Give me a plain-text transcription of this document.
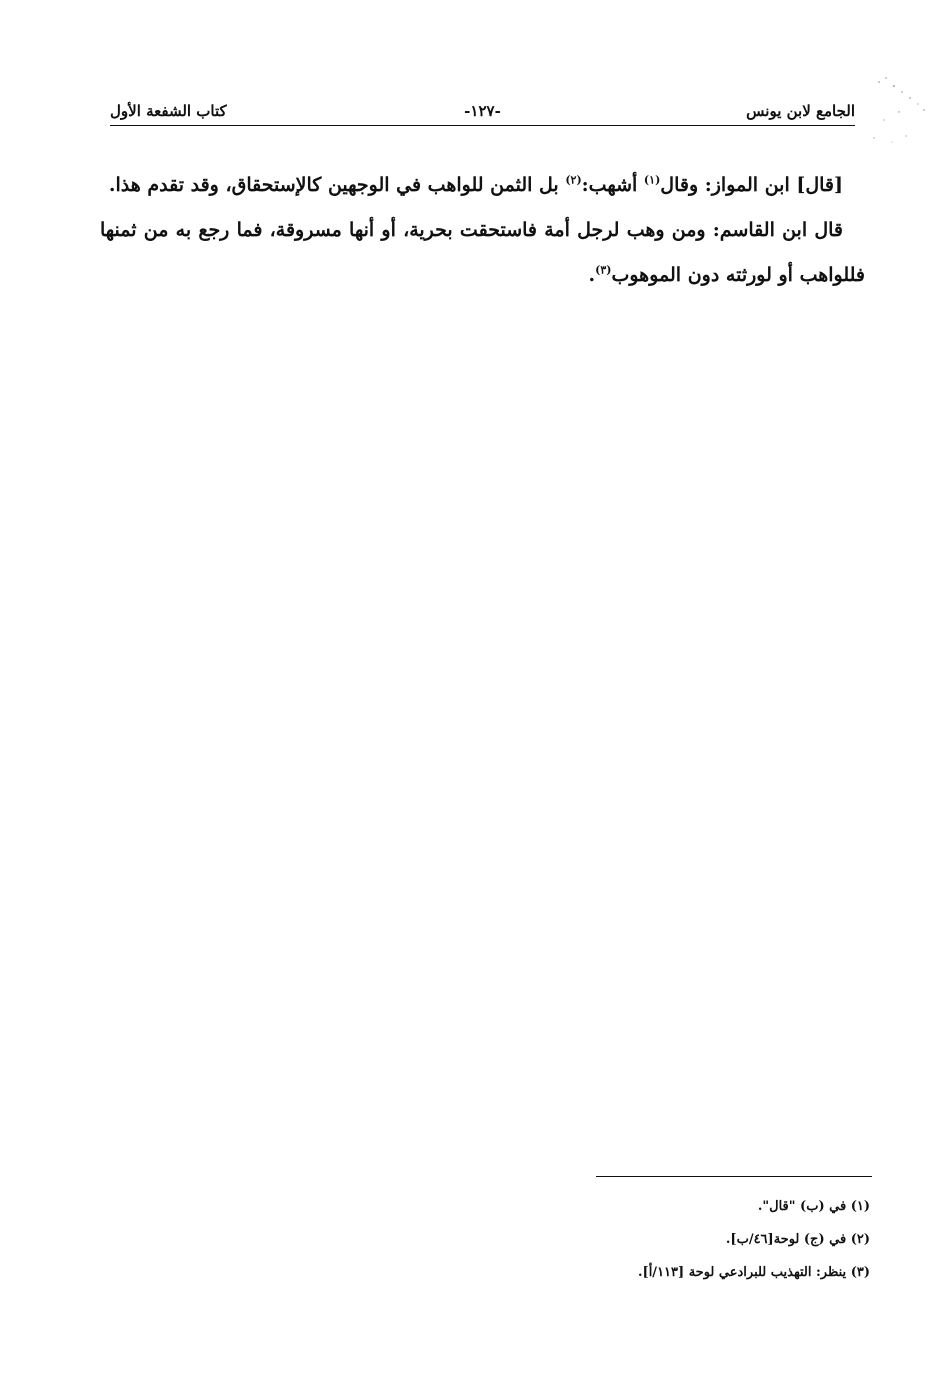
الجامع لابن يونس
-١٢٧-
كتاب الشفعة الأول

[قال] ابن المواز: وقال$^{(١)}$ أشهب:$^{(٢)}$ بل الثمن للواهب في الوجهين كالإستحقاق، وقد تقدم هذا.

قال ابن القاسم: ومن وهب لرجل أمة فاستحقت بحرية، أو أنها مسروقة، فما رجع به من ثمنها فللواهب أو لورثته دون الموهوب$^{(٣)}$.

(١) في (ب) "قال".
(٢) في (ج) لوحة[٤٦/ب].
(٣) ينظر: التهذيب للبرادعي لوحة [١١٣/أ].
